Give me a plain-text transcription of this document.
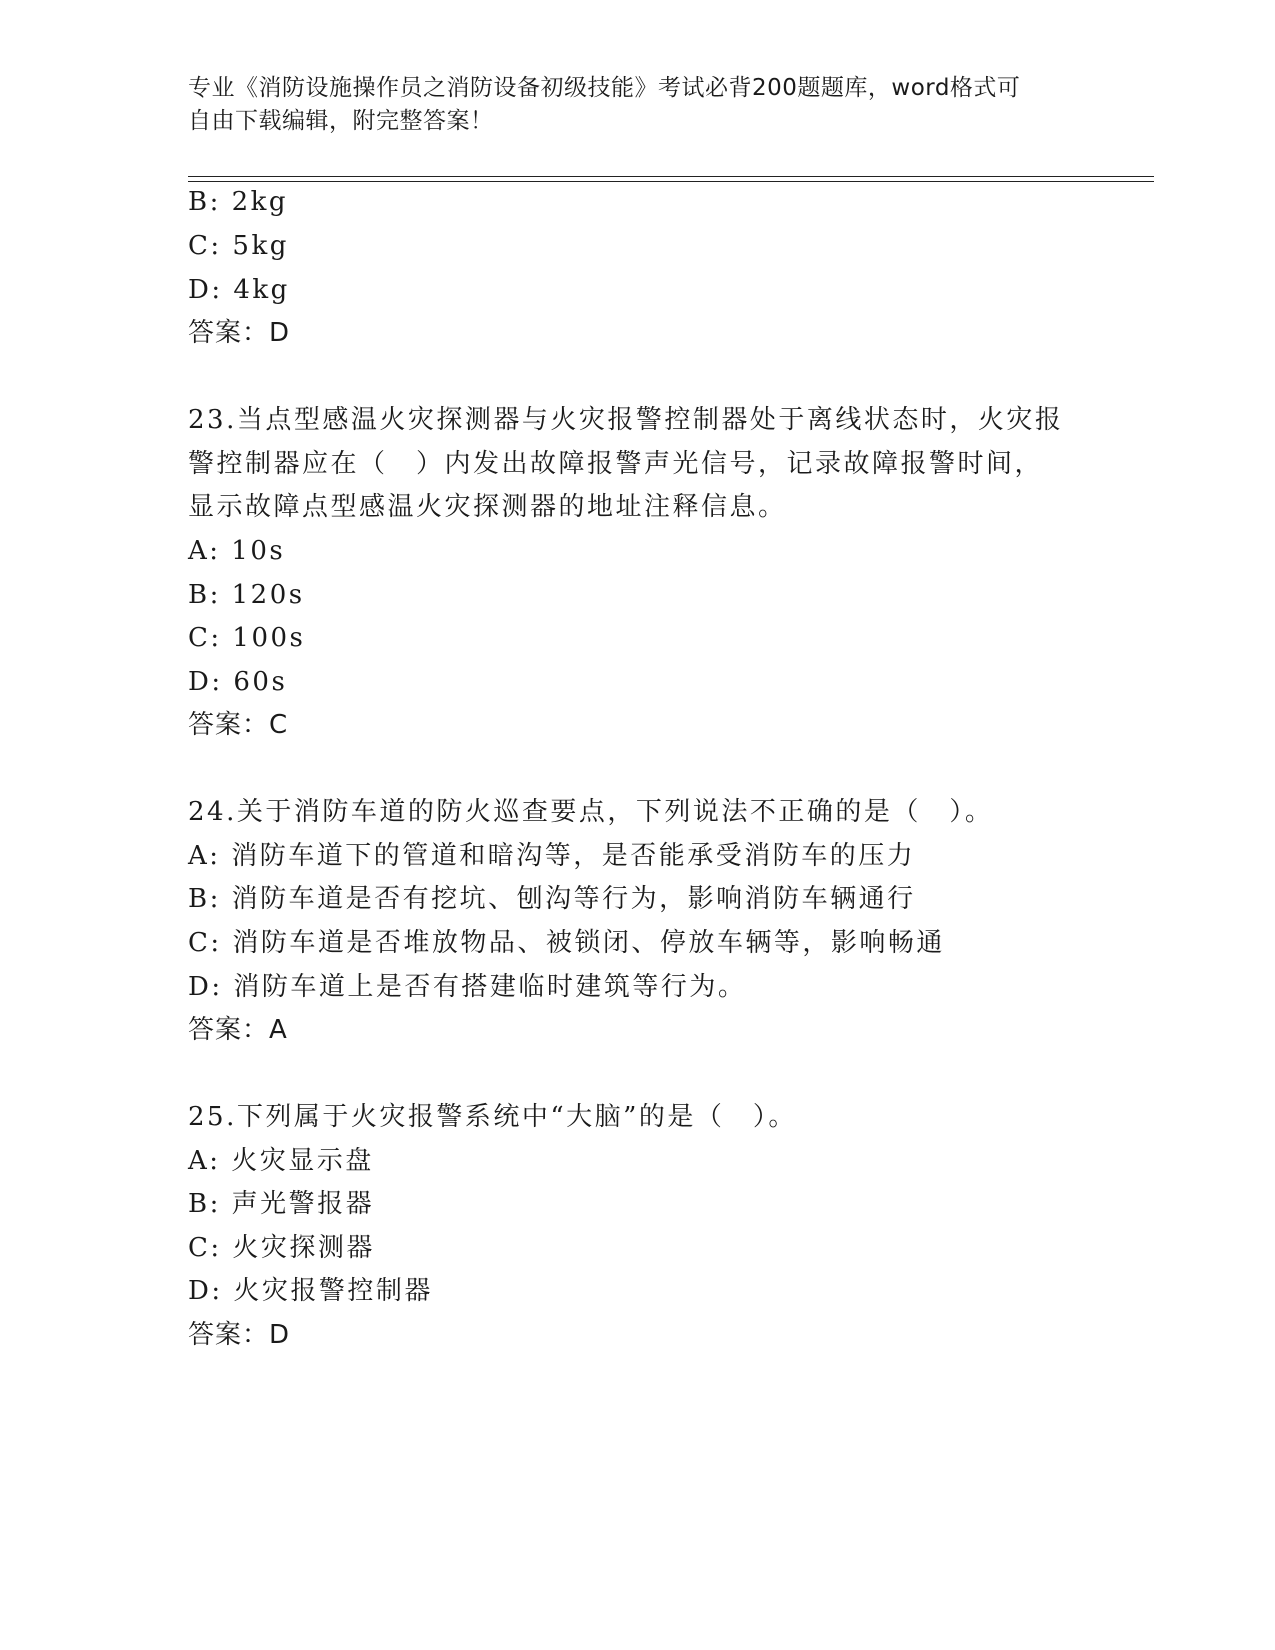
专业《消防设施操作员之消防设备初级技能》考试必背200题题库，word格式可
自由下载编辑，附完整答案！
B: 2kg
C: 5kg
D: 4kg
答案：D
23.当点型感温火灾探测器与火灾报警控制器处于离线状态时，火灾报
警控制器应在（　）内发出故障报警声光信号，记录故障报警时间，
显示故障点型感温火灾探测器的地址注释信息。
A: 10s
B: 120s
C: 100s
D: 60s
答案：C
24.关于消防车道的防火巡查要点，下列说法不正确的是（　）。
A: 消防车道下的管道和暗沟等，是否能承受消防车的压力
B: 消防车道是否有挖坑、刨沟等行为，影响消防车辆通行
C: 消防车道是否堆放物品、被锁闭、停放车辆等，影响畅通
D: 消防车道上是否有搭建临时建筑等行为。
答案：A
25.下列属于火灾报警系统中“大脑”的是（　）。
A: 火灾显示盘
B: 声光警报器
C: 火灾探测器
D: 火灾报警控制器
答案：D
